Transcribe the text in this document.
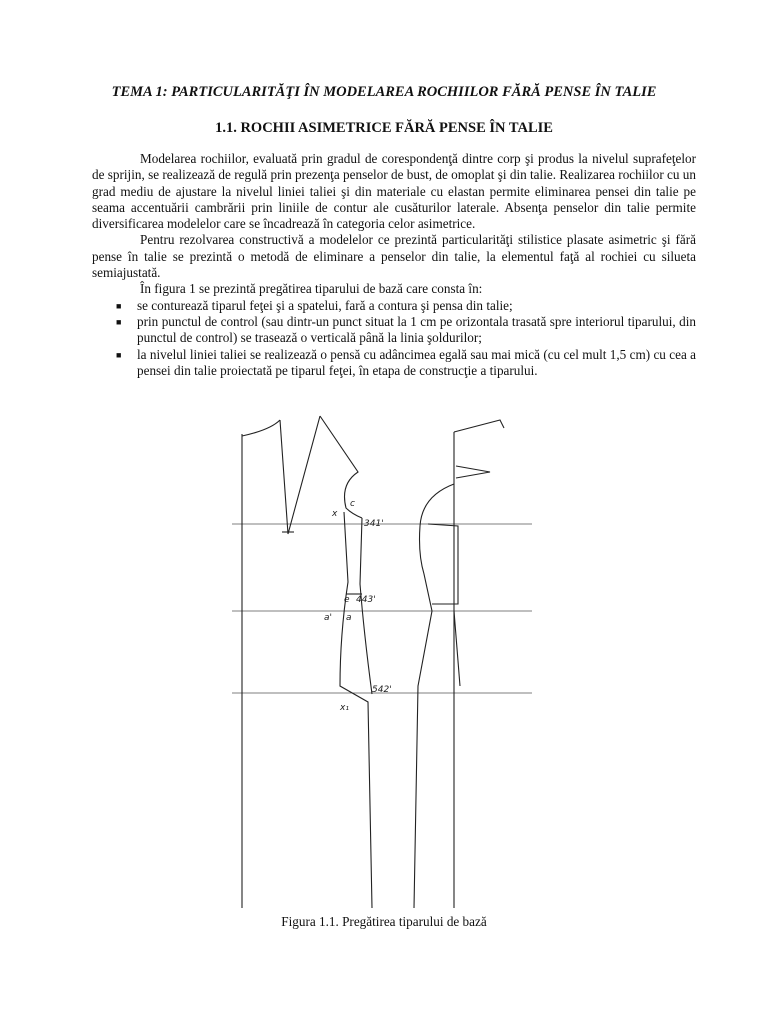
TEMA 1: PARTICULARITĂŢI ÎN MODELAREA ROCHIILOR FĂRĂ PENSE ÎN TALIE
1.1. ROCHII ASIMETRICE FĂRĂ PENSE ÎN TALIE

Modelarea rochiilor, evaluată prin gradul de corespondenţă dintre corp şi produs la nivelul suprafeţelor de sprijin, se realizează de regulă prin prezenţa penselor de bust, de omoplat şi din talie. Realizarea rochiilor cu un grad mediu de ajustare la nivelul liniei taliei şi din materiale cu elastan permite eliminarea pensei din talie pe seama accentuării cambrării prin liniile de contur ale cusăturilor laterale. Absenţa penselor din talie permite diversificarea modelelor care se încadrează în categoria celor asimetrice.

Pentru rezolvarea constructivă a modelelor ce prezintă particularităţi stilistice plasate asimetric şi fără pense în talie se prezintă o metodă de eliminare a penselor din talie, la elementul faţă al rochiei cu silueta semiajustată.

În figura 1 se prezintă pregătirea tiparului de bază care consta în:

■ se conturează tiparul feţei şi a spatelui, fară a contura şi pensa din talie;

■ prin punctul de control (sau dintr-un punct situat la 1 cm pe orizontala trasată spre interiorul tiparului, din punctul de control) se trasează o verticală până la linia şoldurilor;

■ la nivelul liniei taliei se realizează o pensă cu adâncimea egală sau mai mică (cu cel mult 1,5 cm) cu cea a pensei din talie proiectată pe tiparul feţei, în etapa de construcţie a tiparului.

c
x
341'
e 443'
a' a
542'
x₁
Figura 1.1. Pregătirea tiparului de bază
